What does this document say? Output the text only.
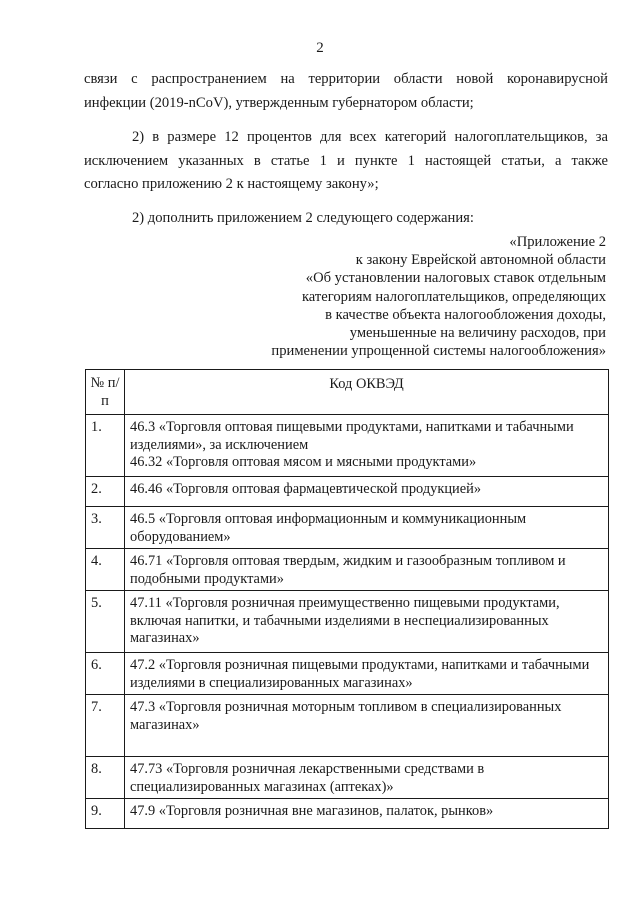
2
связи с распространением на территории области новой коронавирусной
инфекции (2019-nCoV), утвержденным губернатором области;
2) в размере 12 процентов для всех категорий налогоплательщиков, за
исключением указанных в статье 1 и пункте 1 настоящей статьи, а также
согласно приложению 2 к настоящему закону»;
2) дополнить приложением 2 следующего содержания:
«Приложение 2
к закону Еврейской автономной области
«Об установлении налоговых ставок отдельным
категориям налогоплательщиков, определяющих
в качестве объекта налогообложения доходы,
уменьшенные на величину расходов, при
применении упрощенной системы налогообложения»
№ п/п	Код ОКВЭД
1.	46.3 «Торговля оптовая пищевыми продуктами, напитками и табачными изделиями», за исключением
46.32 «Торговля оптовая мясом и мясными продуктами»

2.	46.46 «Торговля оптовая фармацевтической продукцией»

3.	46.5 «Торговля оптовая информационным и коммуникационным оборудованием»

4.	46.71 «Торговля оптовая твердым, жидким и газообразным топливом и подобными продуктами»

5.	47.11 «Торговля розничная преимущественно пищевыми продуктами, включая напитки, и табачными изделиями в неспециализированных магазинах»

6.	47.2 «Торговля розничная пищевыми продуктами, напитками и табачными изделиями в специализированных магазинах»

7.	47.3 «Торговля розничная моторным топливом в специализированных магазинах»

8.	47.73 «Торговля розничная лекарственными средствами в специализированных магазинах (аптеках)»

9.	47.9 «Торговля розничная вне магазинов, палаток, рынков»
